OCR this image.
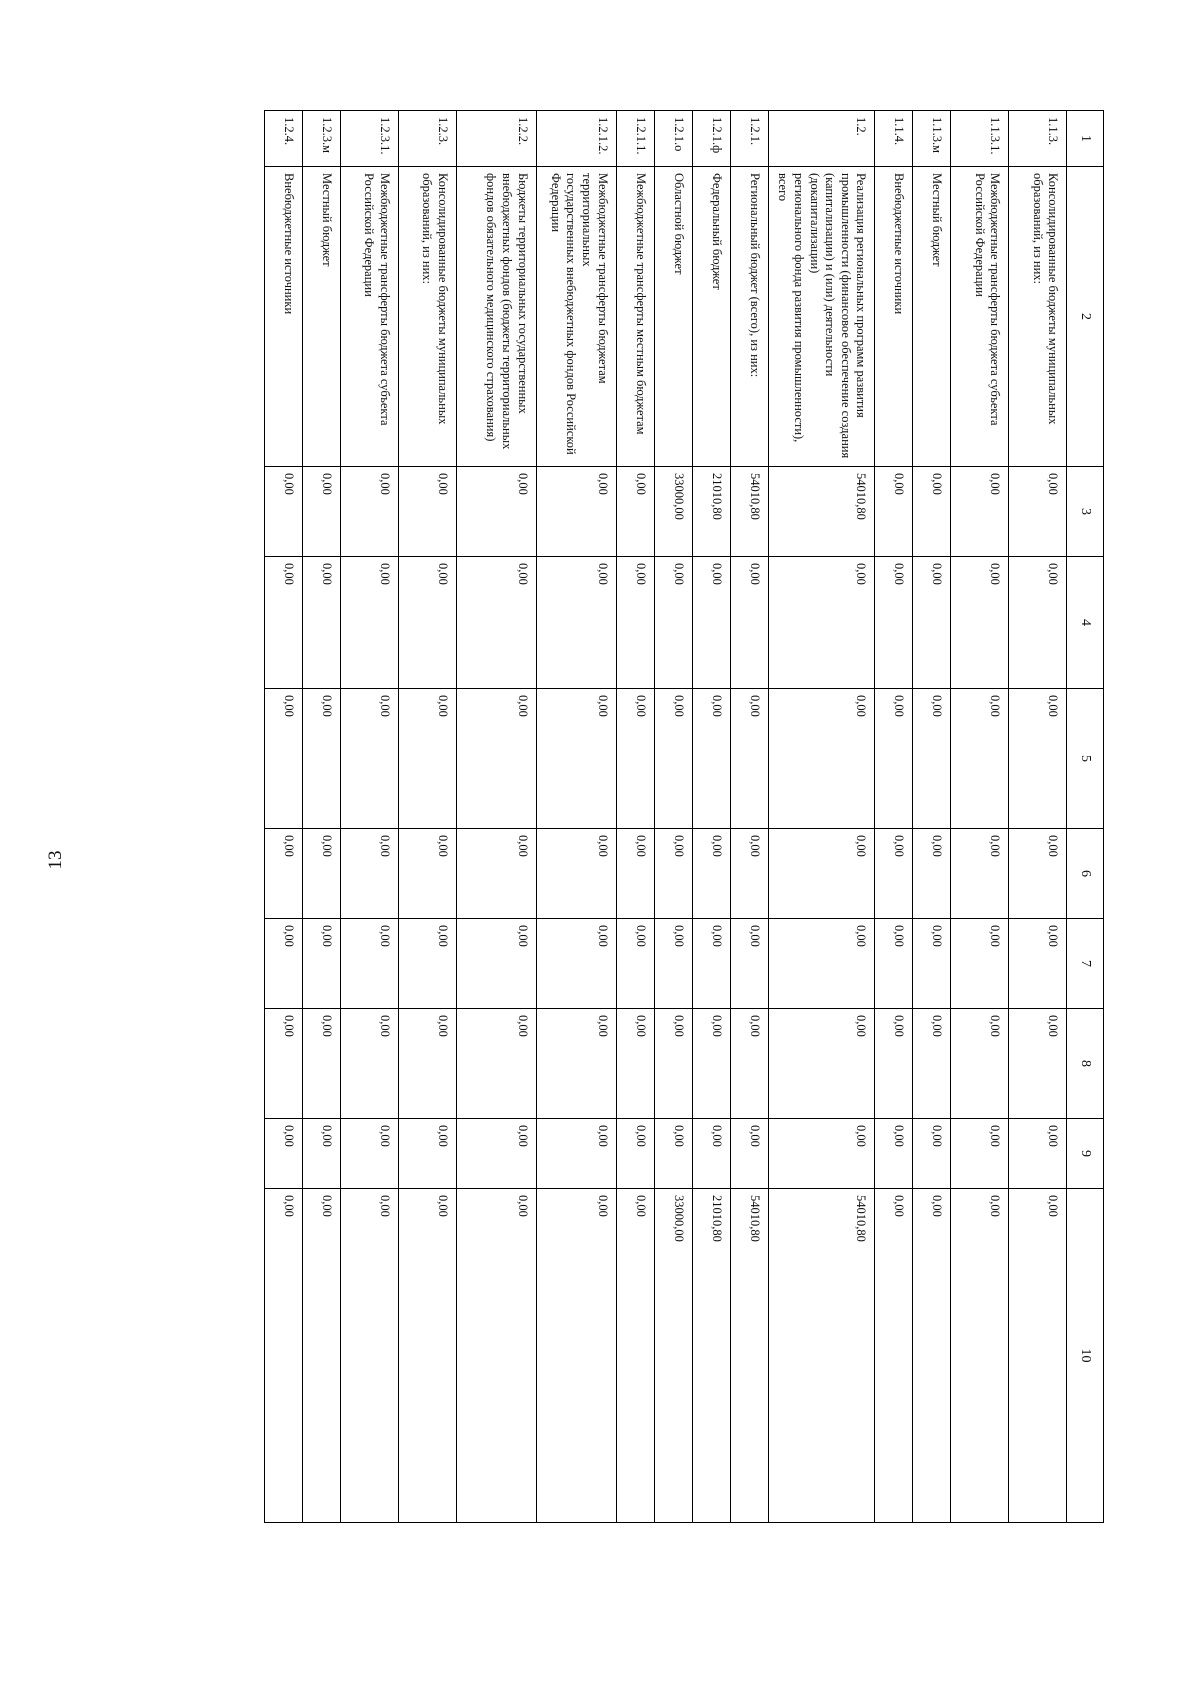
13
1	2	3	4	5	6	7	8	9	10
1.1.3.	Консолидированные бюджеты муниципальных
образований, из них:	0,00	0,00	0,00	0,00	0,00	0,00	0,00	0,00
1.1.3.1.	Межбюджетные трансферты бюджета субъекта
Российской Федерации	0,00	0,00	0,00	0,00	0,00	0,00	0,00	0,00
1.1.3.м	Местный бюджет	0,00	0,00	0,00	0,00	0,00	0,00	0,00	0,00
1.1.4.	Внебюджетные источники	0,00	0,00	0,00	0,00	0,00	0,00	0,00	0,00
1.2.	Реализация региональных программ развития
промышленности (финансовое обеспечение создания
(капитализации) и (или) деятельности (докапитализации)
регионального фонда развития промышленности), всего	54010,80	0,00	0,00	0,00	0,00	0,00	0,00	54010,80
1.2.1.	Региональный бюджет (всего), из них:	54010,80	0,00	0,00	0,00	0,00	0,00	0,00	54010,80
1.2.1.ф	Федеральный бюджет	21010,80	0,00	0,00	0,00	0,00	0,00	0,00	21010,80
1.2.1.о	Областной бюджет	33000,00	0,00	0,00	0,00	0,00	0,00	0,00	33000,00
1.2.1.1.	Межбюджетные трансферты местным бюджетам	0,00	0,00	0,00	0,00	0,00	0,00	0,00	0,00
1.2.1.2.	Межбюджетные трансферты бюджетам территориальных
государственных внебюджетных фондов Российской
Федерации	0,00	0,00	0,00	0,00	0,00	0,00	0,00	0,00
1.2.2.	Бюджеты территориальных государственных
внебюджетных фондов (бюджеты территориальных
фондов обязательного медицинского страхования)	0,00	0,00	0,00	0,00	0,00	0,00	0,00	0,00
1.2.3.	Консолидированные бюджеты муниципальных
образований, из них:	0,00	0,00	0,00	0,00	0,00	0,00	0,00	0,00
1.2.3.1.	Межбюджетные трансферты бюджета субъекта
Российской Федерации	0,00	0,00	0,00	0,00	0,00	0,00	0,00	0,00
1.2.3.м	Местный бюджет	0,00	0,00	0,00	0,00	0,00	0,00	0,00	0,00
1.2.4.	Внебюджетные источники	0,00	0,00	0,00	0,00	0,00	0,00	0,00	0,00
